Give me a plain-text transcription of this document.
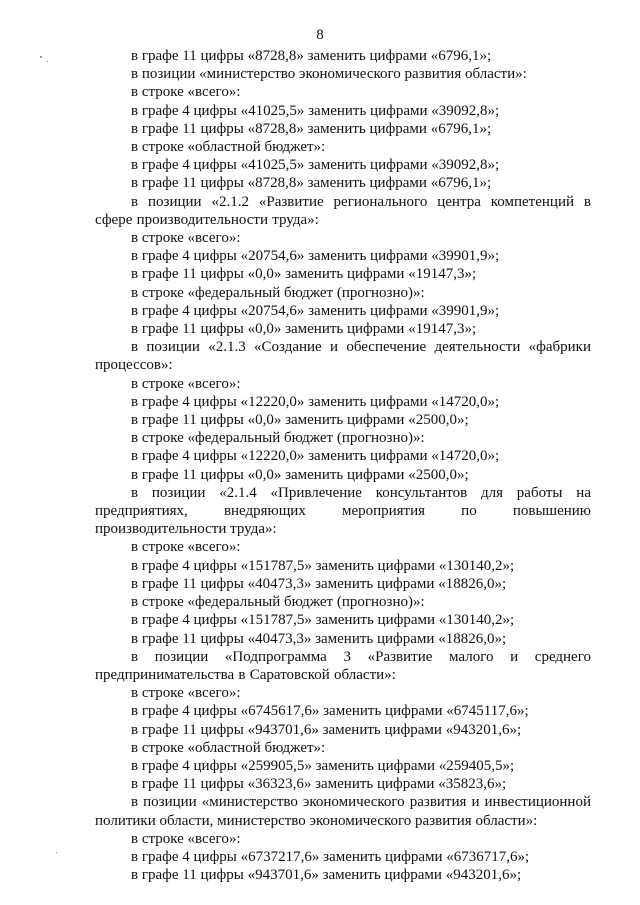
8

в графе 11 цифры «8728,8» заменить цифрами «6796,1»;

в позиции «министерство экономического развития области»:

в строке «всего»:

в графе 4 цифры «41025,5» заменить цифрами «39092,8»;

в графе 11 цифры «8728,8» заменить цифрами «6796,1»;

в строке «областной бюджет»:

в графе 4 цифры «41025,5» заменить цифрами «39092,8»;

в графе 11 цифры «8728,8» заменить цифрами «6796,1»;

в позиции «2.1.2 «Развитие регионального центра компетенций в сфере производительности труда»:

в строке «всего»:

в графе 4 цифры «20754,6» заменить цифрами «39901,9»;

в графе 11 цифры «0,0» заменить цифрами «19147,3»;

в строке «федеральный бюджет (прогнозно)»:

в графе 4 цифры «20754,6» заменить цифрами «39901,9»;

в графе 11 цифры «0,0» заменить цифрами «19147,3»;

в позиции «2.1.3 «Создание и обеспечение деятельности «фабрики процессов»:

в строке «всего»:

в графе 4 цифры «12220,0» заменить цифрами «14720,0»;

в графе 11 цифры «0,0» заменить цифрами «2500,0»;

в строке «федеральный бюджет (прогнозно)»:

в графе 4 цифры «12220,0» заменить цифрами «14720,0»;

в графе 11 цифры «0,0» заменить цифрами «2500,0»;

в позиции «2.1.4 «Привлечение консультантов для работы на предприятиях, внедряющих мероприятия по повышению производительности труда»:

в строке «всего»:

в графе 4 цифры «151787,5» заменить цифрами «130140,2»;

в графе 11 цифры «40473,3» заменить цифрами «18826,0»;

в строке «федеральный бюджет (прогнозно)»:

в графе 4 цифры «151787,5» заменить цифрами «130140,2»;

в графе 11 цифры «40473,3» заменить цифрами «18826,0»;

в позиции «Подпрограмма 3 «Развитие малого и среднего предпринимательства в Саратовской области»:

в строке «всего»:

в графе 4 цифры «6745617,6» заменить цифрами «6745117,6»;

в графе 11 цифры «943701,6» заменить цифрами «943201,6»;

в строке «областной бюджет»:

в графе 4 цифры «259905,5» заменить цифрами «259405,5»;

в графе 11 цифры «36323,6» заменить цифрами «35823,6»;

в позиции «министерство экономического развития и инвестиционной политики области, министерство экономического развития области»:

в строке «всего»:

в графе 4 цифры «6737217,6» заменить цифрами «6736717,6»;

в графе 11 цифры «943701,6» заменить цифрами «943201,6»;
